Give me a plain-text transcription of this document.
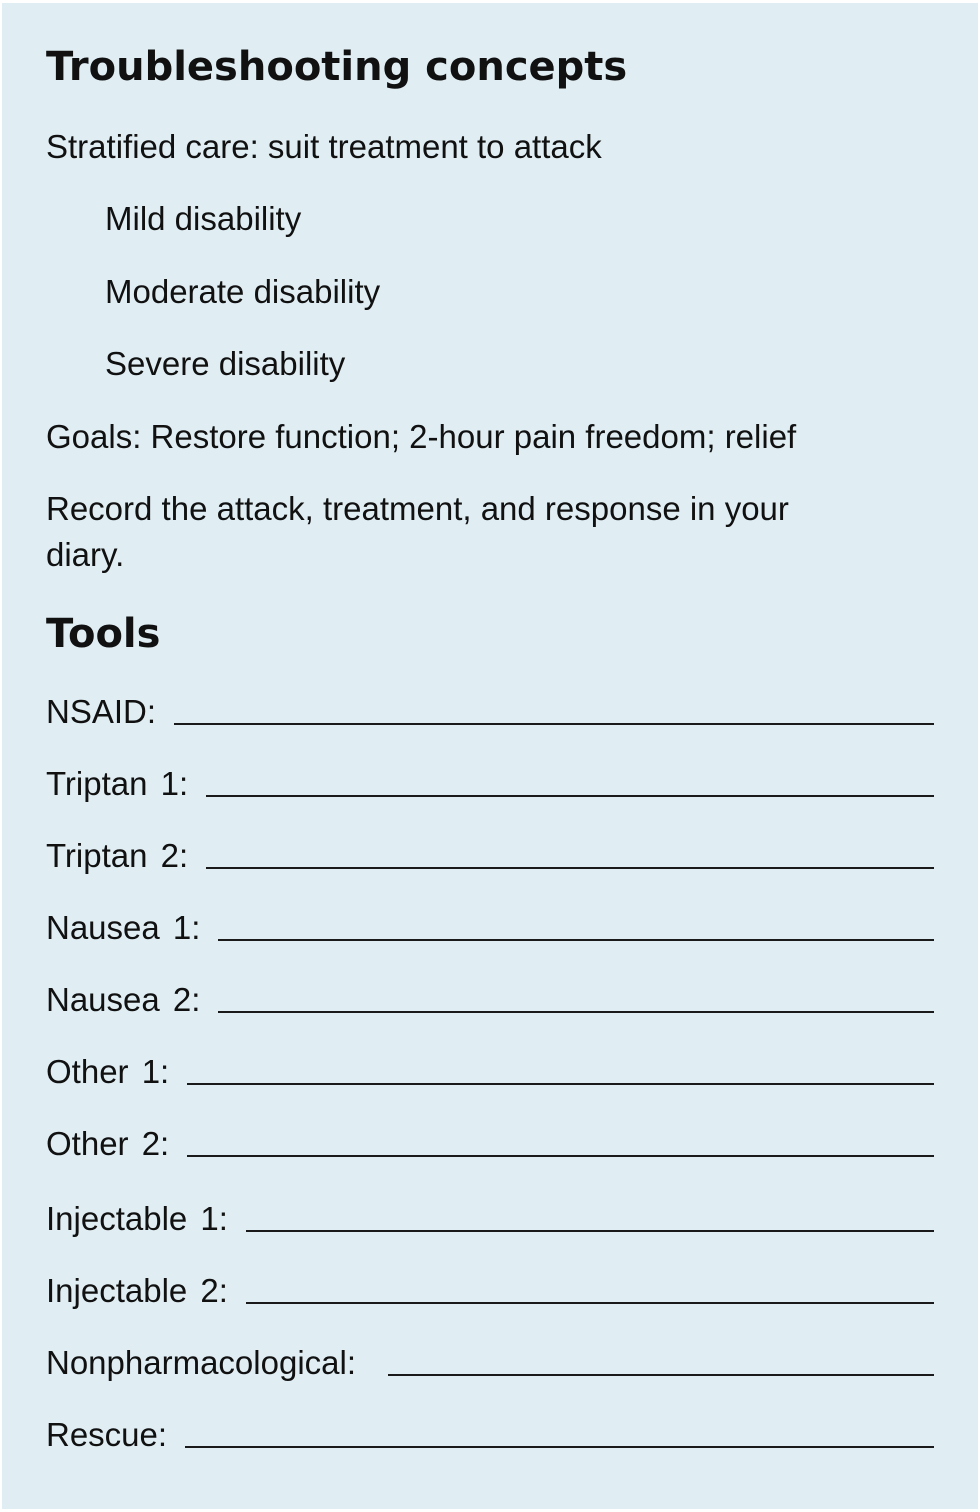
Troubleshooting concepts

Stratified care: suit treatment to attack

Mild disability

Moderate disability

Severe disability

Goals: Restore function; 2-hour pain freedom; relief

Record the attack, treatment, and response in your diary.

Tools
NSAID:
Triptan 1:
Triptan 2:
Nausea 1:
Nausea 2:
Other 1:
Other 2:
Injectable 1:
Injectable 2:
Nonpharmacological:
Rescue:
